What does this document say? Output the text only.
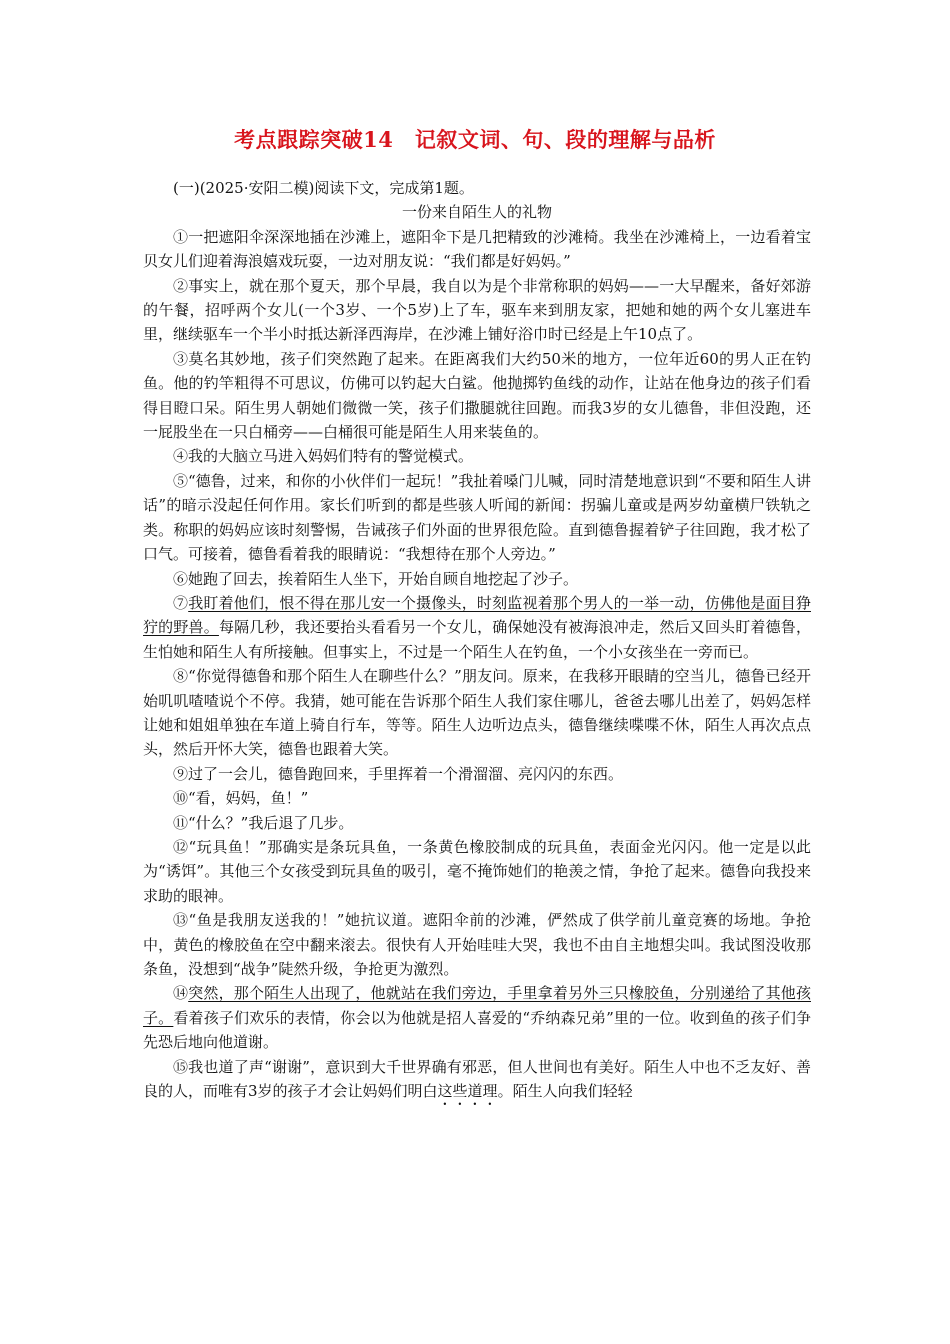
考点跟踪突破14　记叙文词、句、段的理解与品析

(一)(2025·安阳二模)阅读下文，完成第1题。

一份来自陌生人的礼物

①一把遮阳伞深深地插在沙滩上，遮阳伞下是几把精致的沙滩椅。我坐在沙滩椅上，一边看着宝贝女儿们迎着海浪嬉戏玩耍，一边对朋友说：“我们都是好妈妈。”

②事实上，就在那个夏天，那个早晨，我自以为是个非常称职的妈妈——一大早醒来，备好郊游的午餐，招呼两个女儿(一个3岁、一个5岁)上了车，驱车来到朋友家，把她和她的两个女儿塞进车里，继续驱车一个半小时抵达新泽西海岸，在沙滩上铺好浴巾时已经是上午10点了。

③莫名其妙地，孩子们突然跑了起来。在距离我们大约50米的地方，一位年近60的男人正在钓鱼。他的钓竿粗得不可思议，仿佛可以钓起大白鲨。他抛掷钓鱼线的动作，让站在他身边的孩子们看得目瞪口呆。陌生男人朝她们微微一笑，孩子们撒腿就往回跑。而我3岁的女儿德鲁，非但没跑，还一屁股坐在一只白桶旁——白桶很可能是陌生人用来装鱼的。

④我的大脑立马进入妈妈们特有的警觉模式。

⑤“德鲁，过来，和你的小伙伴们一起玩！”我扯着嗓门儿喊，同时清楚地意识到“不要和陌生人讲话”的暗示没起任何作用。家长们听到的都是些骇人听闻的新闻：拐骗儿童或是两岁幼童横尸铁轨之类。称职的妈妈应该时刻警惕，告诫孩子们外面的世界很危险。直到德鲁握着铲子往回跑，我才松了口气。可接着，德鲁看着我的眼睛说：“我想待在那个人旁边。”

⑥她跑了回去，挨着陌生人坐下，开始自顾自地挖起了沙子。

⑦我盯着他们，恨不得在那儿安一个摄像头，时刻监视着那个男人的一举一动，仿佛他是面目狰狞的野兽。每隔几秒，我还要抬头看看另一个女儿，确保她没有被海浪冲走，然后又回头盯着德鲁，生怕她和陌生人有所接触。但事实上，不过是一个陌生人在钓鱼，一个小女孩坐在一旁而已。

⑧“你觉得德鲁和那个陌生人在聊些什么？”朋友问。原来，在我移开眼睛的空当儿，德鲁已经开始叽叽喳喳说个不停。我猜，她可能在告诉那个陌生人我们家住哪儿，爸爸去哪儿出差了，妈妈怎样让她和姐姐单独在车道上骑自行车，等等。陌生人边听边点头，德鲁继续喋喋不休，陌生人再次点点头，然后开怀大笑，德鲁也跟着大笑。

⑨过了一会儿，德鲁跑回来，手里挥着一个滑溜溜、亮闪闪的东西。

⑩“看，妈妈，鱼！”

⑪“什么？”我后退了几步。

⑫“玩具鱼！”那确实是条玩具鱼，一条黄色橡胶制成的玩具鱼，表面金光闪闪。他一定是以此为“诱饵”。其他三个女孩受到玩具鱼的吸引，毫不掩饰她们的艳羡之情，争抢了起来。德鲁向我投来求助的眼神。

⑬“鱼是我朋友送我的！”她抗议道。遮阳伞前的沙滩，俨然成了供学前儿童竞赛的场地。争抢中，黄色的橡胶鱼在空中翻来滚去。很快有人开始哇哇大哭，我也不由自主地想尖叫。我试图没收那条鱼，没想到“战争”陡然升级，争抢更为激烈。

⑭突然，那个陌生人出现了，他就站在我们旁边，手里拿着另外三只橡胶鱼，分别递给了其他孩子。看着孩子们欢乐的表情，你会以为他就是招人喜爱的“乔纳森兄弟”里的一位。收到鱼的孩子们争先恐后地向他道谢。

⑮我也道了声“谢谢”，意识到大千世界确有邪恶，但人世间也有美好。陌生人中也不乏友好、善良的人，而唯有3岁的孩子才会让妈妈们明白这些道理。陌生人向我们轻轻
